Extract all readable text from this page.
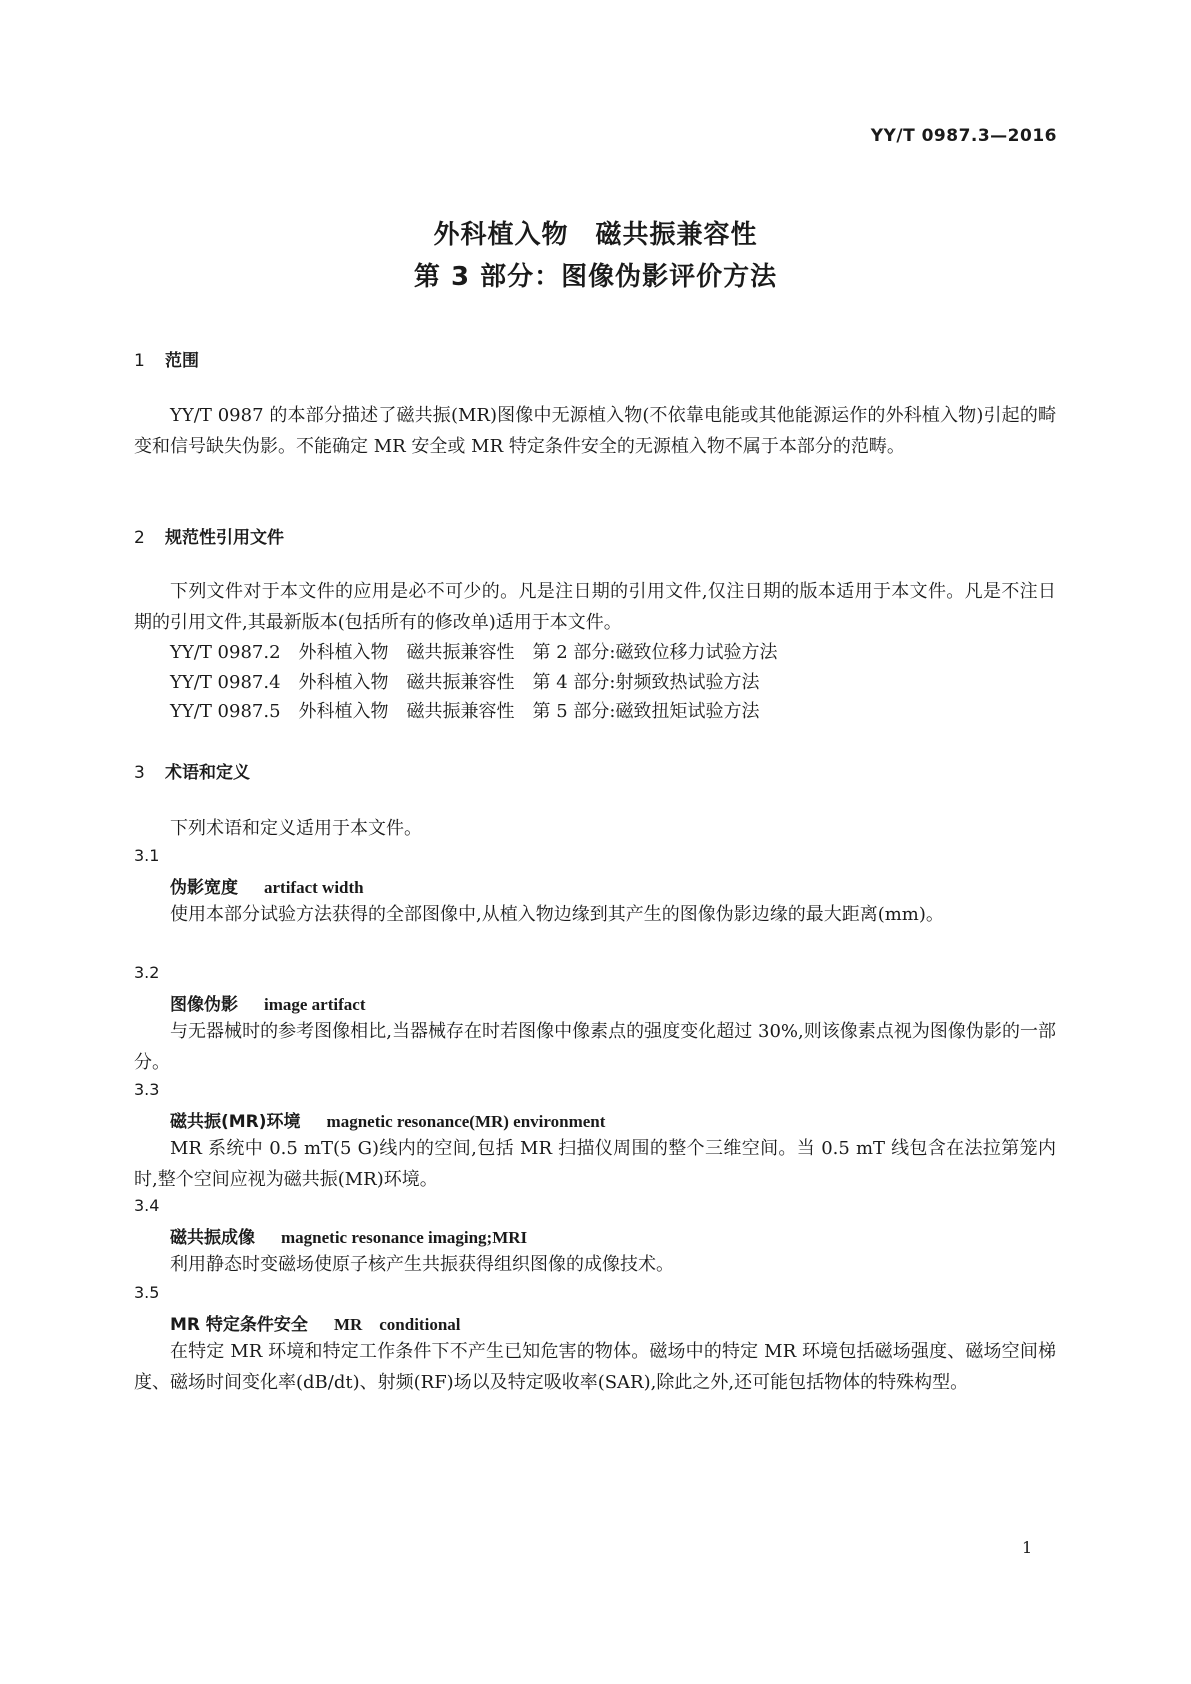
YY/T 0987.3—2016
外科植入物　磁共振兼容性
第 3 部分：图像伪影评价方法
1 范围
YY/T 0987 的本部分描述了磁共振(MR)图像中无源植入物(不依靠电能或其他能源运作的外科植入物)引起的畸变和信号缺失伪影。不能确定 MR 安全或 MR 特定条件安全的无源植入物不属于本部分的范畴。
2 规范性引用文件
下列文件对于本文件的应用是必不可少的。凡是注日期的引用文件,仅注日期的版本适用于本文件。凡是不注日期的引用文件,其最新版本(包括所有的修改单)适用于本文件。
YY/T 0987.2　外科植入物　磁共振兼容性　第 2 部分:磁致位移力试验方法
YY/T 0987.4　外科植入物　磁共振兼容性　第 4 部分:射频致热试验方法
YY/T 0987.5　外科植入物　磁共振兼容性　第 5 部分:磁致扭矩试验方法
3 术语和定义
下列术语和定义适用于本文件。
3.1
伪影宽度 artifact width
使用本部分试验方法获得的全部图像中,从植入物边缘到其产生的图像伪影边缘的最大距离(mm)。
3.2
图像伪影 image artifact
与无器械时的参考图像相比,当器械存在时若图像中像素点的强度变化超过 30%,则该像素点视为图像伪影的一部分。
3.3
磁共振(MR)环境 magnetic resonance(MR) environment
MR 系统中 0.5 mT(5 G)线内的空间,包括 MR 扫描仪周围的整个三维空间。当 0.5 mT 线包含在法拉第笼内时,整个空间应视为磁共振(MR)环境。
3.4
磁共振成像 magnetic resonance imaging;MRI
利用静态时变磁场使原子核产生共振获得组织图像的成像技术。
3.5
MR 特定条件安全 MR　conditional
在特定 MR 环境和特定工作条件下不产生已知危害的物体。磁场中的特定 MR 环境包括磁场强度、磁场空间梯度、磁场时间变化率(dB/dt)、射频(RF)场以及特定吸收率(SAR),除此之外,还可能包括物体的特殊构型。
1
